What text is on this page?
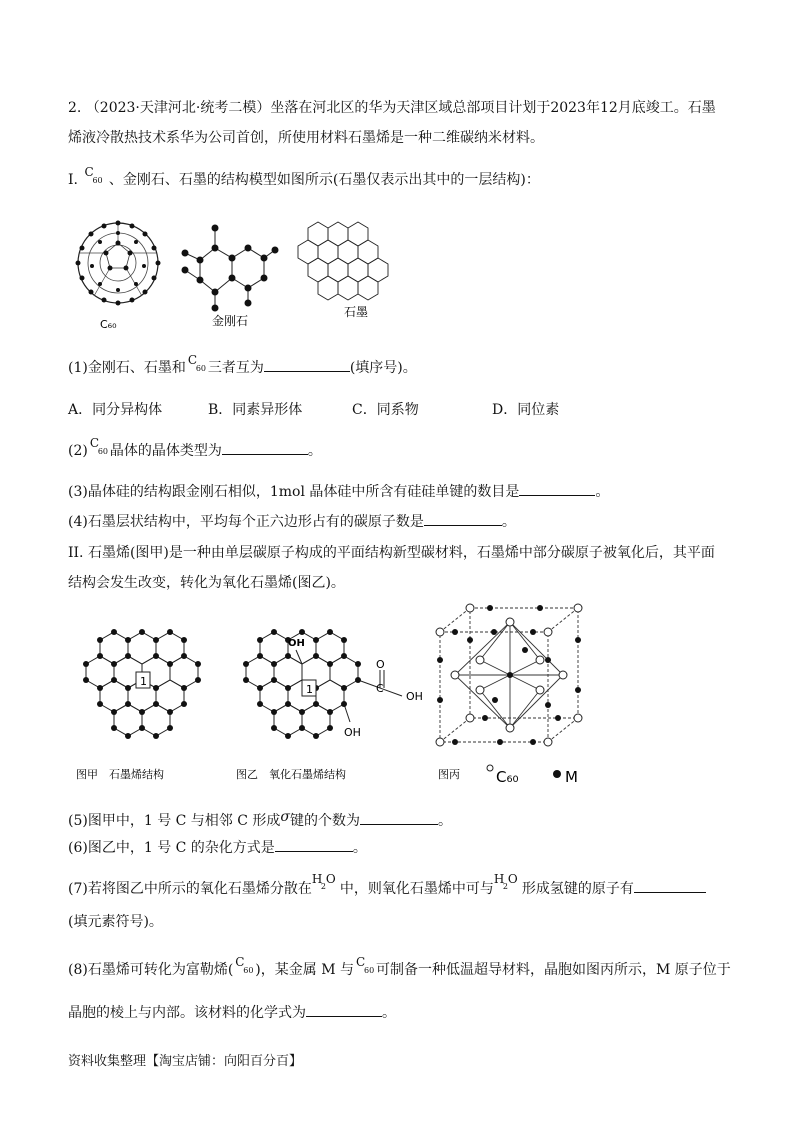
2. （2023·天津河北·统考二模）坐落在河北区的华为天津区域总部项目计划于2023年12月底竣工。石墨
烯液冷散热技术系华为公司首创，所使用材料石墨烯是一种二维碳纳米材料。
I. C
60 、金刚石、石墨的结构模型如图所示(石墨仅表示出其中的一层结构)：
C₆₀	金刚石
石墨
(1)金刚石、石墨和 C
60 三者互为	(填序号)。
A．同分异构体	B．同素异形体	C．同系物	D．同位素
(2) C
60 晶体的晶体类型为	。
(3)晶体硅的结构跟金刚石相似，1mol 晶体硅中所含有硅硅单键的数目是	。
(4)石墨层状结构中，平均每个正六边形占有的碳原子数是	。
II. 石墨烯(图甲)是一种由单层碳原子构成的平面结构新型碳材料，石墨烯中部分碳原子被氧化后，其平面
结构会发生改变，转化为氧化石墨烯(图乙)。
1
图甲　石墨烯结构
1
OH
C
O
OH
OH
图乙　氧化石墨烯结构	图丙 C₆₀	M
(5)图甲中，1 号 C 与相邻 C 形成σ键的个数为	。
(6)图乙中，1 号 C 的杂化方式是	。
(7)若将图乙中所示的氧化石墨烯分散在
H
2
O
中，则氧化石墨烯中可与
H
2
O
形成氢键的原子有
(填元素符号)。
(8)石墨烯可转化为富勒烯( C
60 )，某金属 M 与 C
60 可制备一种低温超导材料，晶胞如图丙所示，M 原子位于
晶胞的棱上与内部。该材料的化学式为	。
资料收集整理【淘宝店铺：向阳百分百】
